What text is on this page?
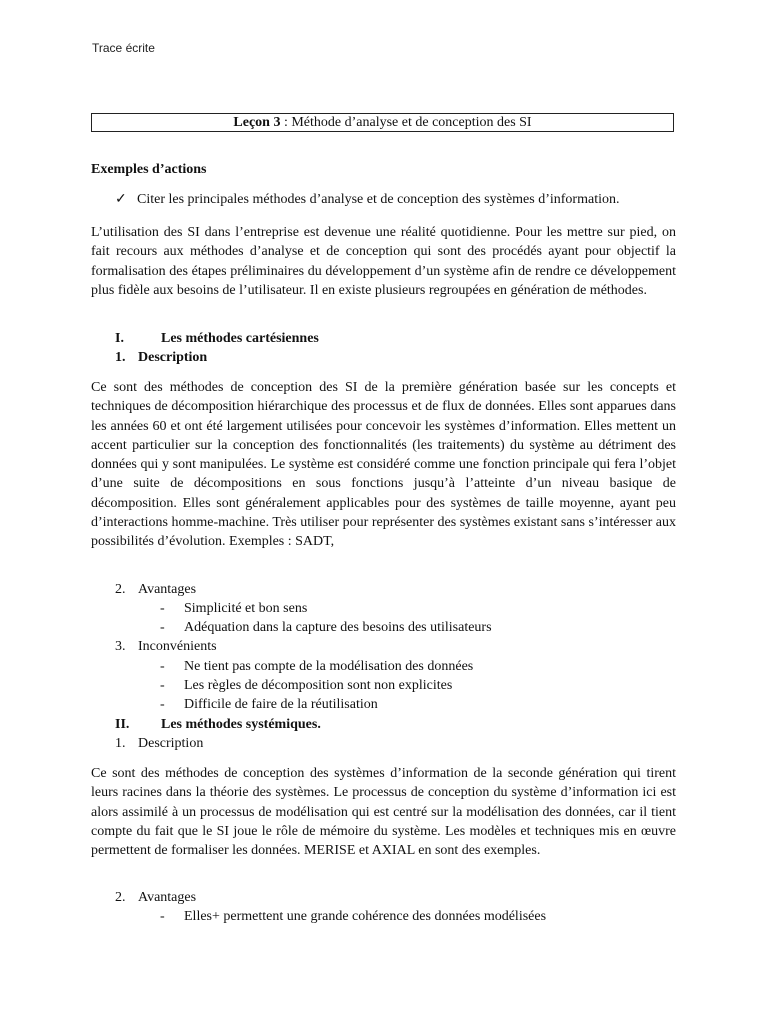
Trace écrite
Leçon 3 : Méthode d’analyse et de conception des SI
Exemples d’actions
✓ Citer les principales méthodes d’analyse et de conception des systèmes d’information.

L’utilisation des SI dans l’entreprise est devenue une réalité quotidienne. Pour les mettre sur pied, on fait recours aux méthodes d’analyse et de conception qui sont des procédés ayant pour objectif la formalisation des étapes préliminaires du développement d’un système afin de rendre ce développement plus fidèle aux besoins de l’utilisateur. Il en existe plusieurs regroupées en génération de méthodes.

I.	Les méthodes cartésiennes
1. Description

Ce sont des méthodes de conception des SI de la première génération basée sur les concepts et techniques de décomposition hiérarchique des processus et de flux de données. Elles sont apparues dans les années 60 et ont été largement utilisées pour concevoir les systèmes d’information. Elles mettent un accent particulier sur la conception des fonctionnalités (les traitements) du système au détriment des données qui y sont manipulées. Le système est considéré comme une fonction principale qui fera l’objet d’une suite de décompositions en sous fonctions jusqu’à l’atteinte d’un niveau basique de décomposition. Elles sont généralement applicables pour des systèmes de taille moyenne, ayant peu d’interactions homme-machine. Très utiliser pour représenter des systèmes existant sans s’intéresser aux possibilités d’évolution. Exemples : SADT,

2. Avantages
- Simplicité et bon sens
- Adéquation dans la capture des besoins des utilisateurs
3. Inconvénients
- Ne tient pas compte de la modélisation des données
- Les règles de décomposition sont non explicites
- Difficile de faire de la réutilisation
II. Les méthodes systémiques.
1. Description

Ce sont des méthodes de conception des systèmes d’information de la seconde génération qui tirent leurs racines dans la théorie des systèmes. Le processus de conception du système d’information ici est alors assimilé à un processus de modélisation qui est centré sur la modélisation des données, car il tient compte du fait que le SI joue le rôle de mémoire du système. Les modèles et techniques mis en œuvre permettent de formaliser les données. MERISE et AXIAL en sont des exemples.

2. Avantages
- Elles+ permettent une grande cohérence des données modélisées
